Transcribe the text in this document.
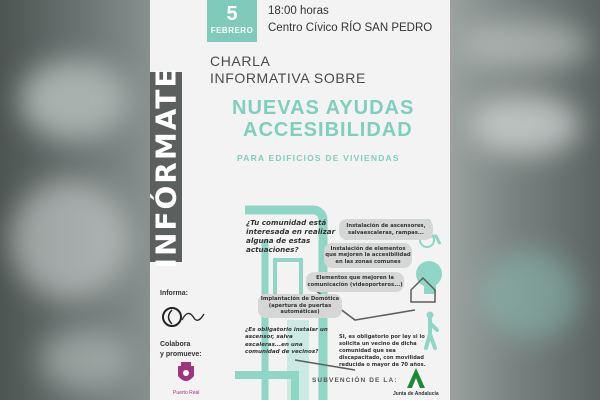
INFÓRMATE
5
FEBRERO
18:00 horas
Centro Cívico RÍO SAN PEDRO
CHARLA
INFORMATIVA SOBRE
NUEVAS AYUDAS
ACCESIBILIDAD
PARA EDIFICIOS DE VIVIENDAS
¿Tu comunidad está interesada en realizar alguna de estas actuaciones?
Instalación de ascensores, salvaescaleras, rampas...
Instalación de elementos que mejoren la accesibilidad en las zonas comunes
Elementos que mejoren la comunicación (videoporteros...)
Implantación de Domótica (apertura de puertas automáticas)
¿Es obligatorio instalar un ascensor, salva escaleras...en una comunidad de vecinos?
SI, es obligatorio por ley si lo solicita un vecino de dicha comunidad que sea discapacitado, con movilidad reducida o mayor de 70 años.
Informa:
Colabora
y promueve:
Puerto Real
SUBVENCIÓN DE LA:
Junta de Andalucía
